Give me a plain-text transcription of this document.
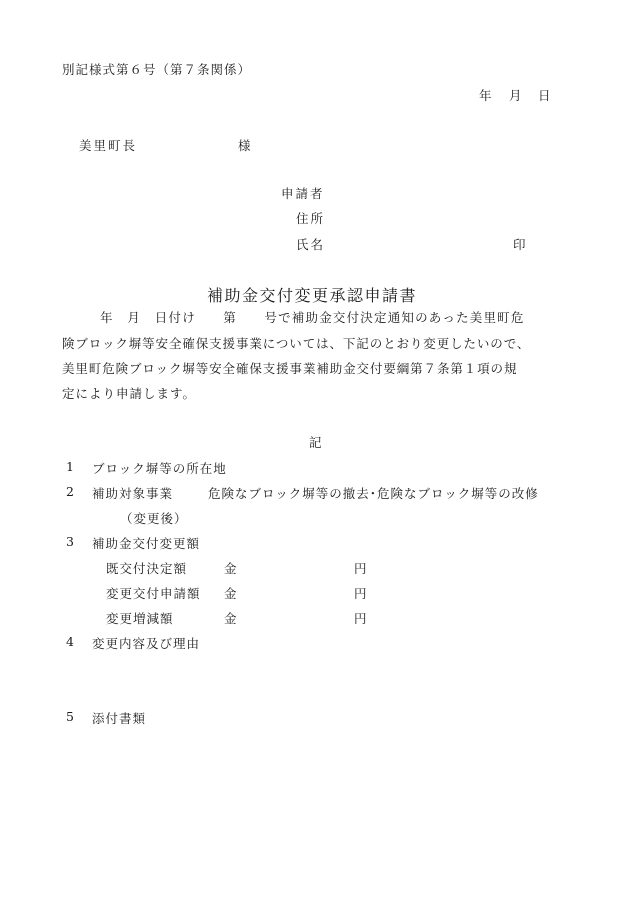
別記様式第６号（第７条関係）
年 月 日
美里町長	様
申請者
住所
氏名	印
補助金交付変更承認申請書
年　月　日付け　　第　　号で補助金交付決定通知のあった美里町危
険ブロック塀等安全確保支援事業については、下記のとおり変更したいので、
美里町危険ブロック塀等安全確保支援事業補助金交付要綱第７条第１項の規
定により申請します。
記
1 ブロック塀等の所在地
2 補助対象事業	危険なブロック塀等の撤去･危険なブロック塀等の改修
（変更後）
3 補助金交付変更額
既交付決定額	金	円
変更交付申請額 金	円
変更増減額	金	円
4 変更内容及び理由
5 添付書類
